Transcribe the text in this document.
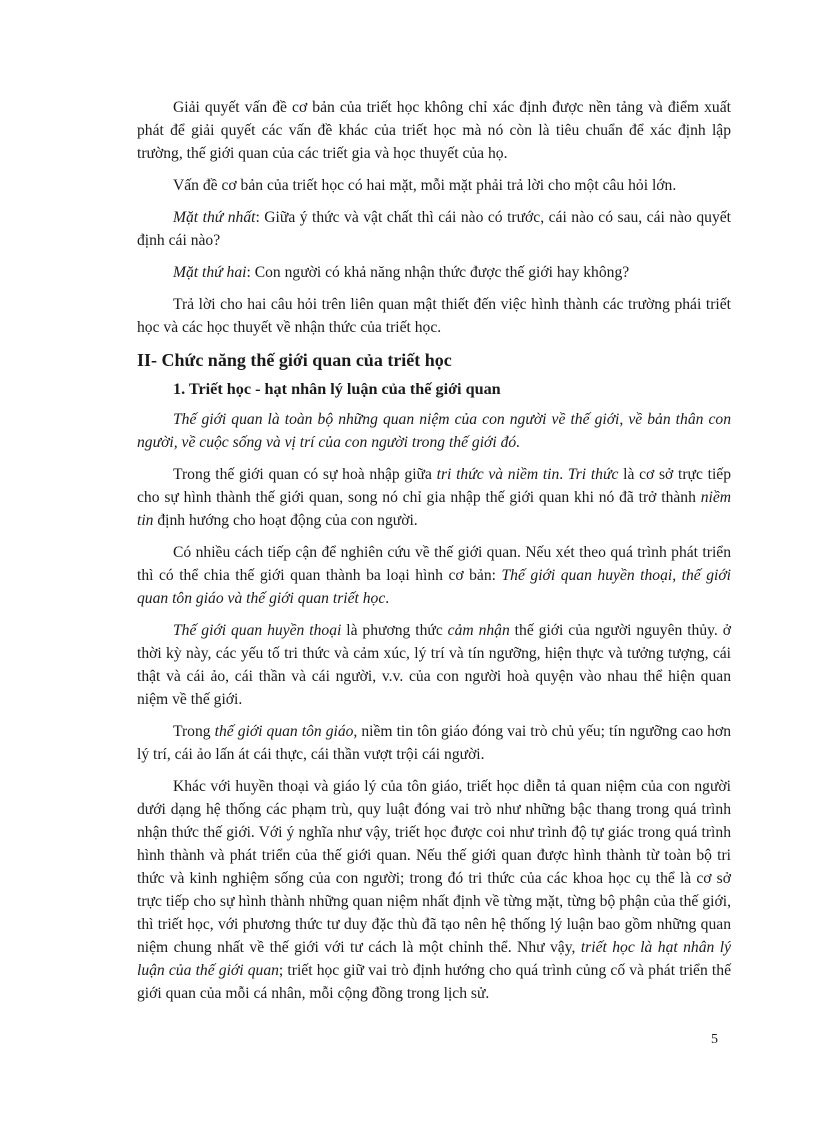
Giải quyết vấn đề cơ bản của triết học không chỉ xác định được nền tảng và điểm xuất phát để giải quyết các vấn đề khác của triết học mà nó còn là tiêu chuẩn để xác định lập trường, thế giới quan của các triết gia và học thuyết của họ.

Vấn đề cơ bản của triết học có hai mặt, mỗi mặt phải trả lời cho một câu hỏi lớn.

Mặt thứ nhất: Giữa ý thức và vật chất thì cái nào có trước, cái nào có sau, cái nào quyết định cái nào?

Mặt thứ hai: Con người có khả năng nhận thức được thế giới hay không?

Trả lời cho hai câu hỏi trên liên quan mật thiết đến việc hình thành các trường phái triết học và các học thuyết về nhận thức của triết học.

II- Chức năng thế giới quan của triết học
1. Triết học - hạt nhân lý luận của thế giới quan

Thế giới quan là toàn bộ những quan niệm của con người về thế giới, về bản thân con người, về cuộc sống và vị trí của con người trong thế giới đó.

Trong thế giới quan có sự hoà nhập giữa tri thức và niềm tin. Tri thức là cơ sở trực tiếp cho sự hình thành thế giới quan, song nó chỉ gia nhập thế giới quan khi nó đã trở thành niềm tin định hướng cho hoạt động của con người.

Có nhiều cách tiếp cận để nghiên cứu về thế giới quan. Nếu xét theo quá trình phát triển thì có thể chia thế giới quan thành ba loại hình cơ bản: Thế giới quan huyền thoại, thế giới quan tôn giáo và thế giới quan triết học.

Thế giới quan huyền thoại là phương thức cảm nhận thế giới của người nguyên thủy. ở thời kỳ này, các yếu tố tri thức và cảm xúc, lý trí và tín ngưỡng, hiện thực và tưởng tượng, cái thật và cái ảo, cái thần và cái người, v.v. của con người hoà quyện vào nhau thể hiện quan niệm về thế giới.

Trong thế giới quan tôn giáo, niềm tin tôn giáo đóng vai trò chủ yếu; tín ngưỡng cao hơn lý trí, cái ảo lấn át cái thực, cái thần vượt trội cái người.

Khác với huyền thoại và giáo lý của tôn giáo, triết học diễn tả quan niệm của con người dưới dạng hệ thống các phạm trù, quy luật đóng vai trò như những bậc thang trong quá trình nhận thức thế giới. Với ý nghĩa như vậy, triết học được coi như trình độ tự giác trong quá trình hình thành và phát triển của thế giới quan. Nếu thế giới quan được hình thành từ toàn bộ tri thức và kinh nghiệm sống của con người; trong đó tri thức của các khoa học cụ thể là cơ sở trực tiếp cho sự hình thành những quan niệm nhất định về từng mặt, từng bộ phận của thế giới, thì triết học, với phương thức tư duy đặc thù đã tạo nên hệ thống lý luận bao gồm những quan niệm chung nhất về thế giới với tư cách là một chỉnh thể. Như vậy, triết học là hạt nhân lý luận của thế giới quan; triết học giữ vai trò định hướng cho quá trình củng cố và phát triển thế giới quan của mỗi cá nhân, mỗi cộng đồng trong lịch sử.

5
